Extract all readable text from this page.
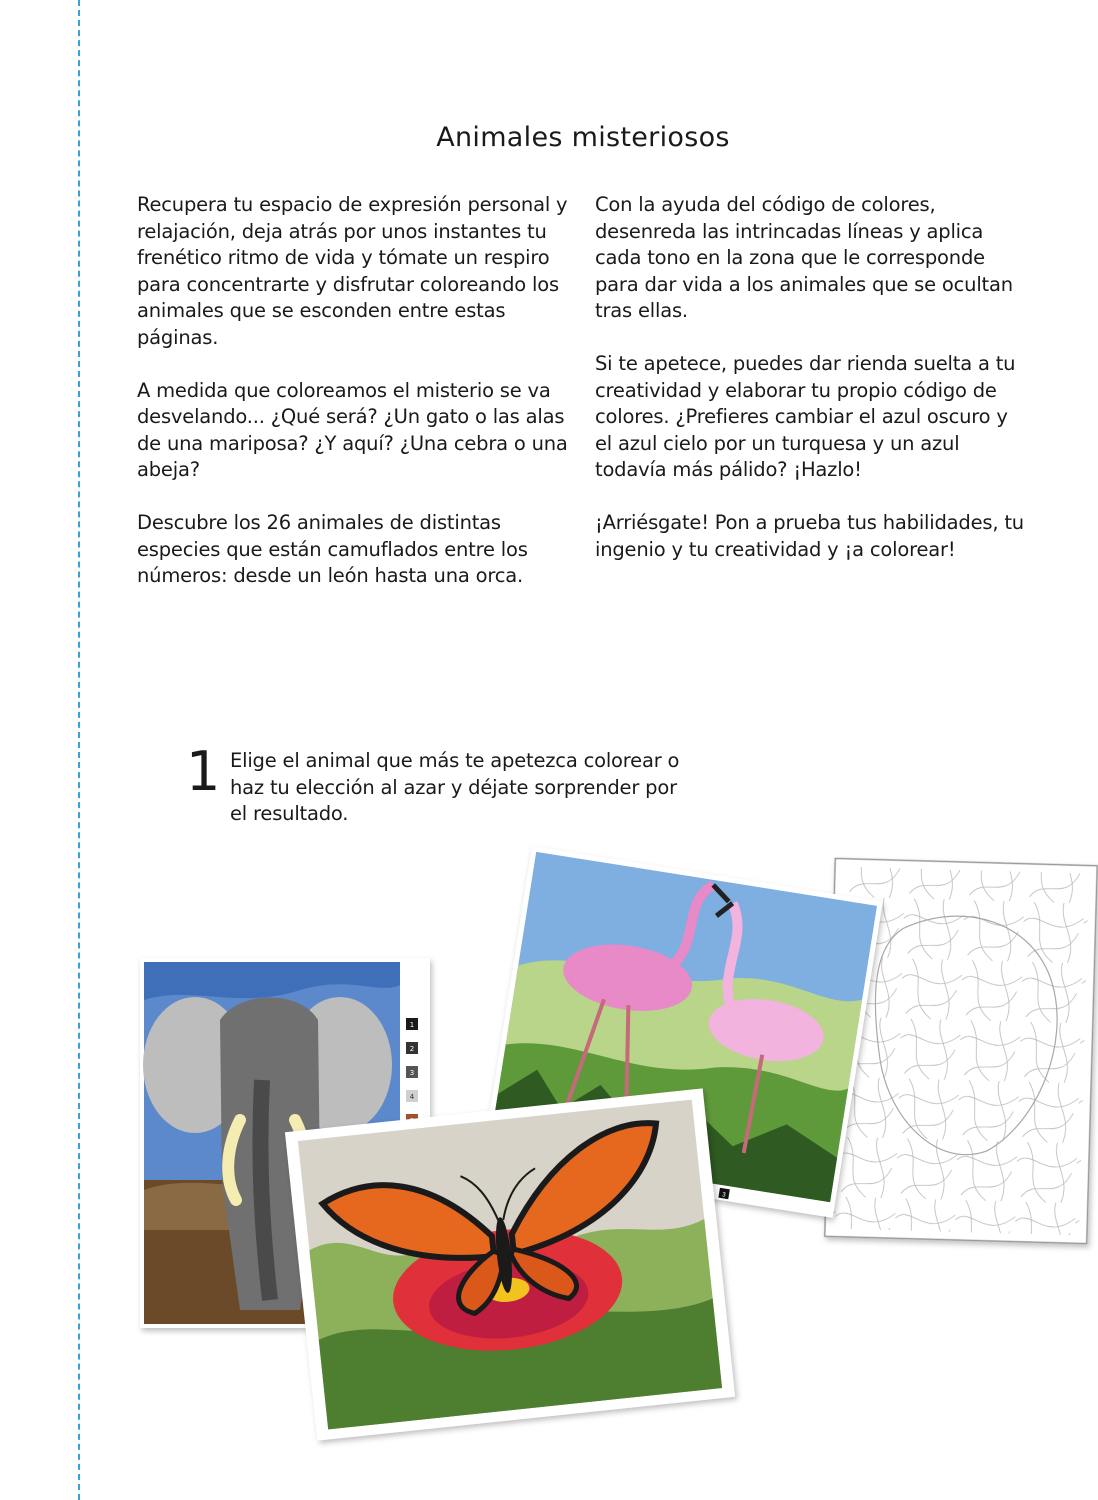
Animales misteriosos

Recupera tu espacio de expresión personal y relajación, deja atrás por unos instantes tu frenético ritmo de vida y tómate un respiro para concentrarte y disfrutar coloreando los animales que se esconden entre estas páginas.

A medida que coloreamos el misterio se va desvelando... ¿Qué será? ¿Un gato o las alas de una mariposa? ¿Y aquí? ¿Una cebra o una abeja?

Descubre los 26 animales de distintas especies que están camuflados entre los números: desde un león hasta una orca.

Con la ayuda del código de colores, desenreda las intrincadas líneas y aplica cada tono en la zona que le corresponde para dar vida a los animales que se ocultan tras ellas.

Si te apetece, puedes dar rienda suelta a tu creatividad y elaborar tu propio código de colores. ¿Prefieres cambiar el azul oscuro y el azul cielo por un turquesa y un azul todavía más pálido? ¡Hazlo!

¡Arriésgate! Pon a prueba tus habilidades, tu ingenio y tu creatividad y ¡a colorear!

1 Elige el animal que más te apetezca colorear o haz tu elección al azar y déjate sorprender por el resultado.
3
1
2
3
4
